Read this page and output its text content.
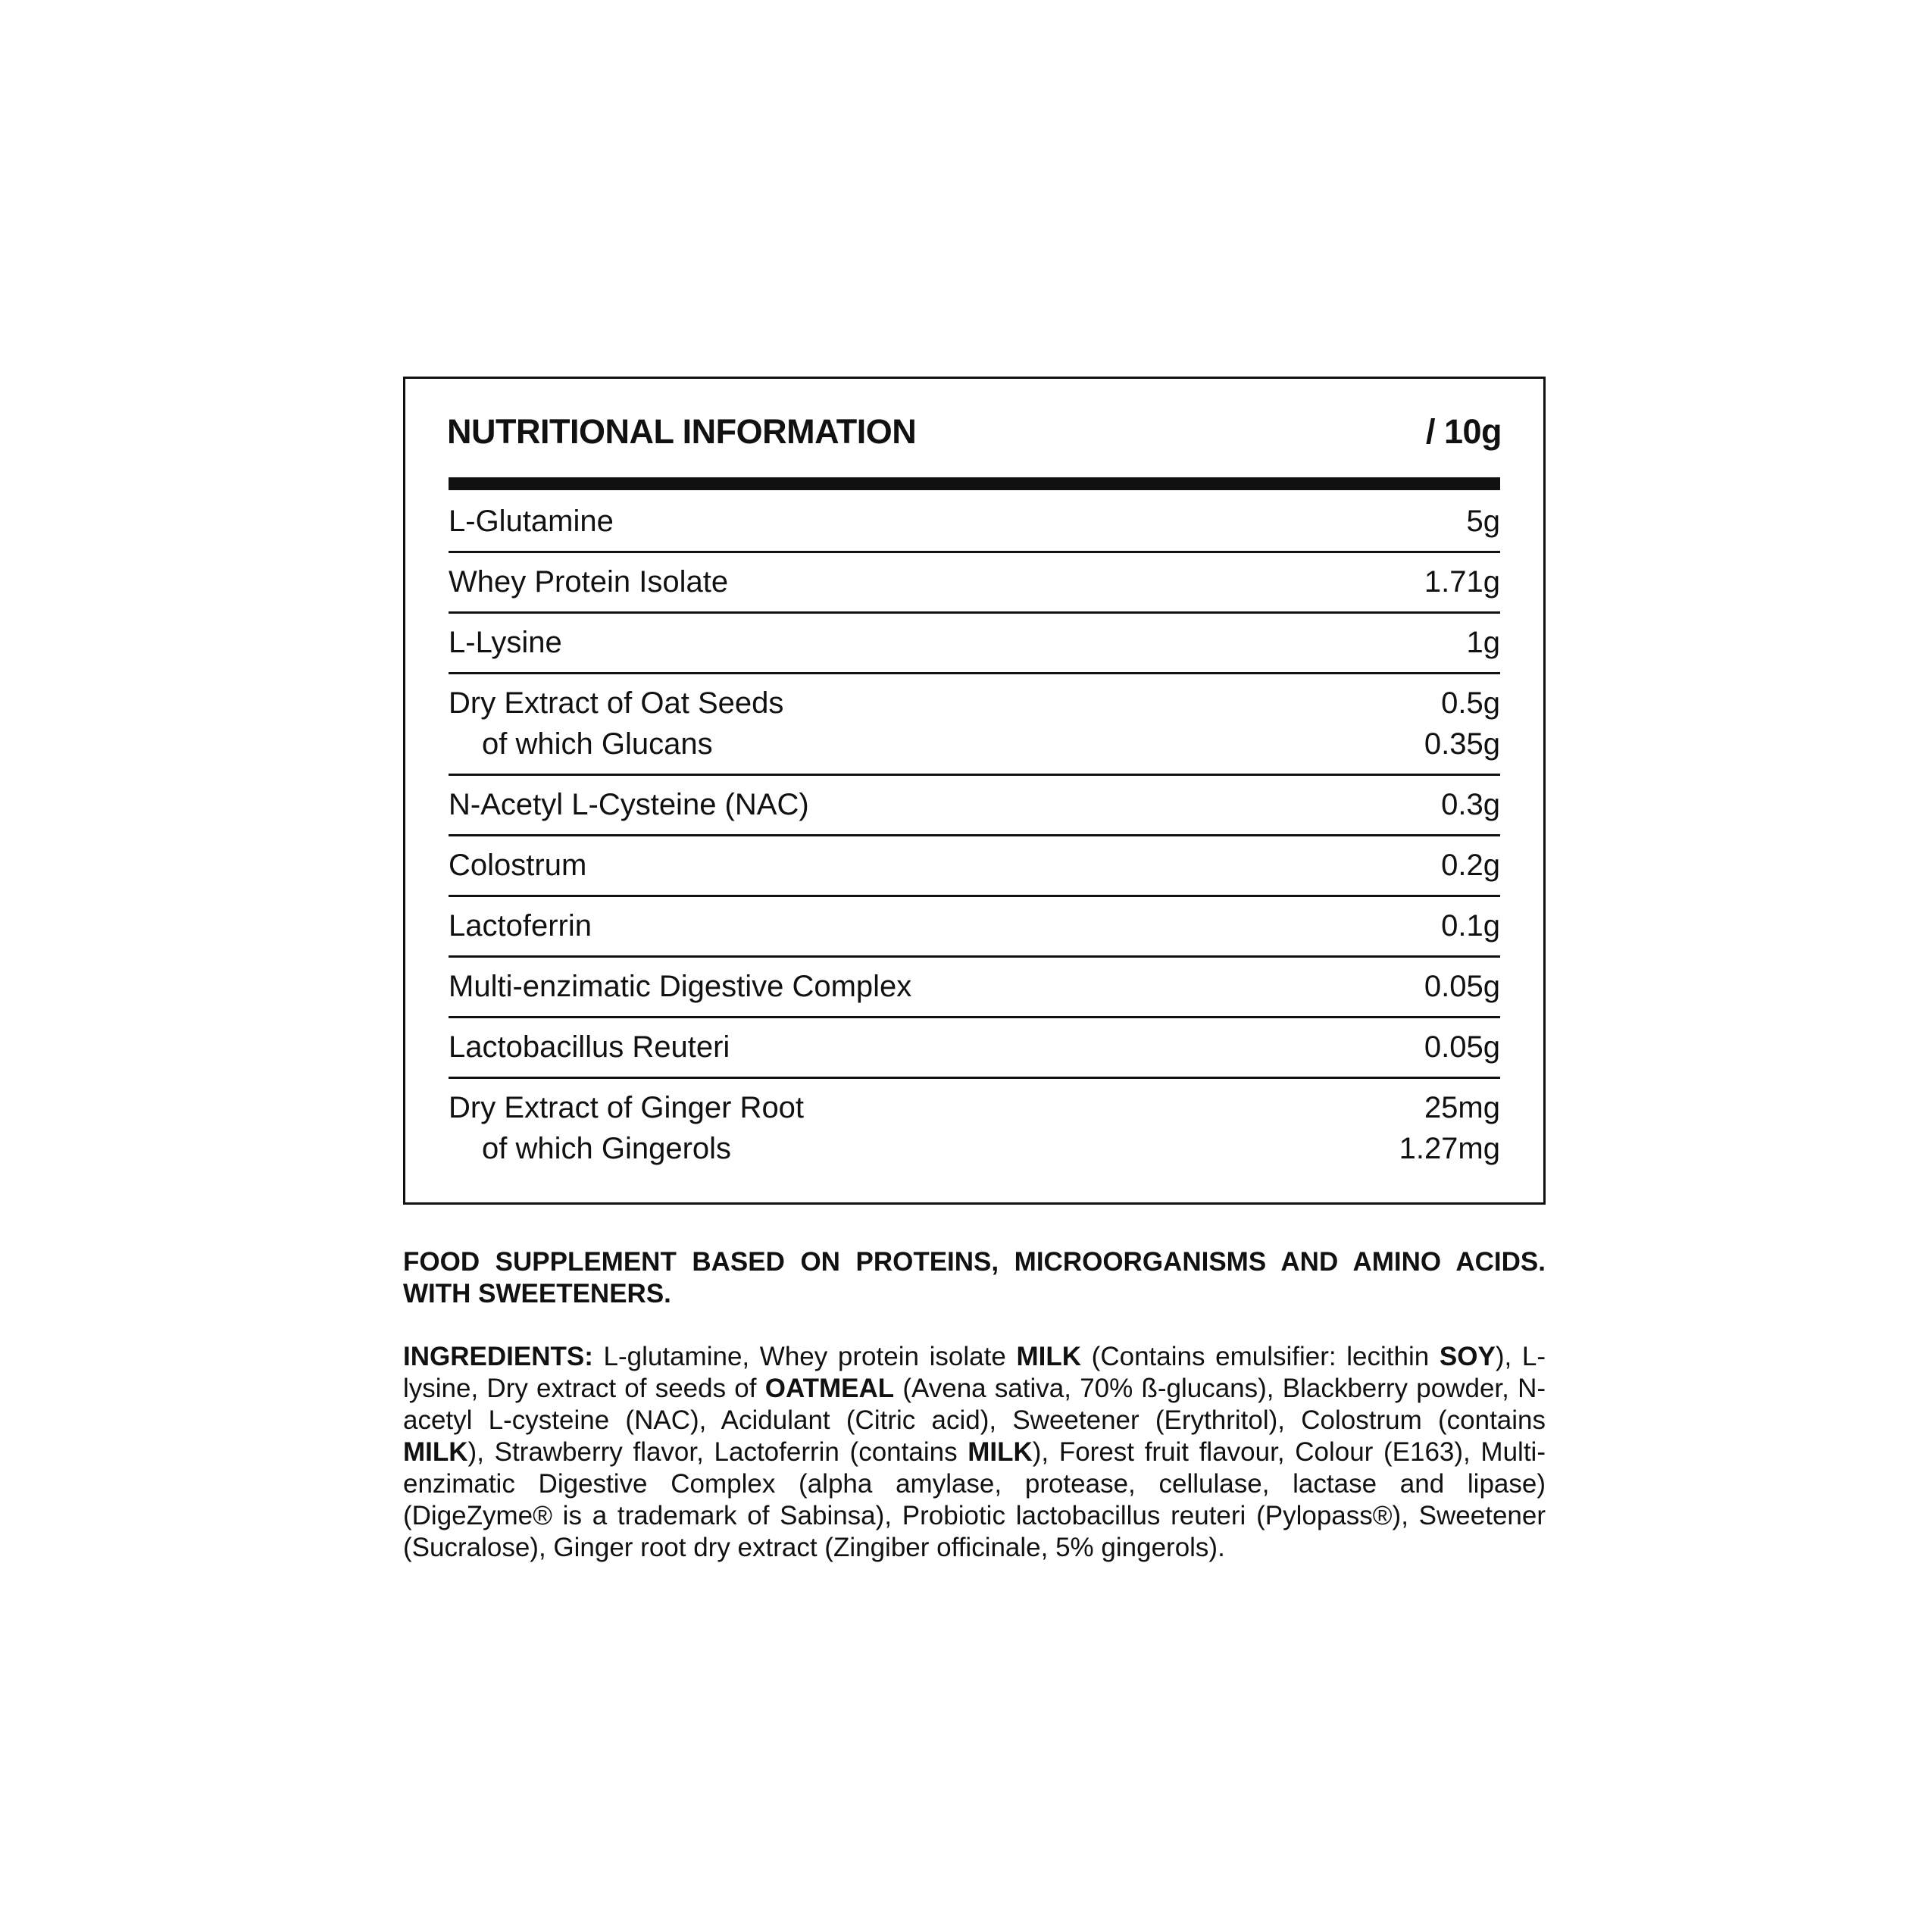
NUTRITIONAL INFORMATION	/ 10g
L-Glutamine	5g
Whey Protein Isolate	1.71g
L-Lysine	1g
Dry Extract of Oat Seeds	0.5g
of which Glucans	0.35g
N-Acetyl L-Cysteine (NAC)	0.3g
Colostrum	0.2g
Lactoferrin	0.1g
Multi-enzimatic Digestive Complex	0.05g
Lactobacillus Reuteri	0.05g
Dry Extract of Ginger Root	25mg
of which Gingerols	1.27mg
FOOD SUPPLEMENT BASED ON PROTEINS, MICROORGANISMS AND AMINO ACIDS. WITH SWEETENERS.
INGREDIENTS: L-glutamine, Whey protein isolate MILK (Contains emulsifier: lecithin SOY), L-lysine, Dry extract of seeds of OATMEAL (Avena sativa, 70% ß-glucans), Blackberry powder, N-acetyl L-cysteine (NAC), Acidulant (Citric acid), Sweetener (Erythritol), Colostrum (contains MILK), Strawberry flavor, Lactoferrin (contains MILK), Forest fruit flavour, Colour (E163), Multi-enzimatic Digestive Complex (alpha amylase, protease, cellulase, lactase and lipase) (DigeZyme® is a trademark of Sabinsa), Probiotic lactobacillus reuteri (Pylopass®), Sweetener (Sucralose), Ginger root dry extract (Zingiber officinale, 5% gingerols).
